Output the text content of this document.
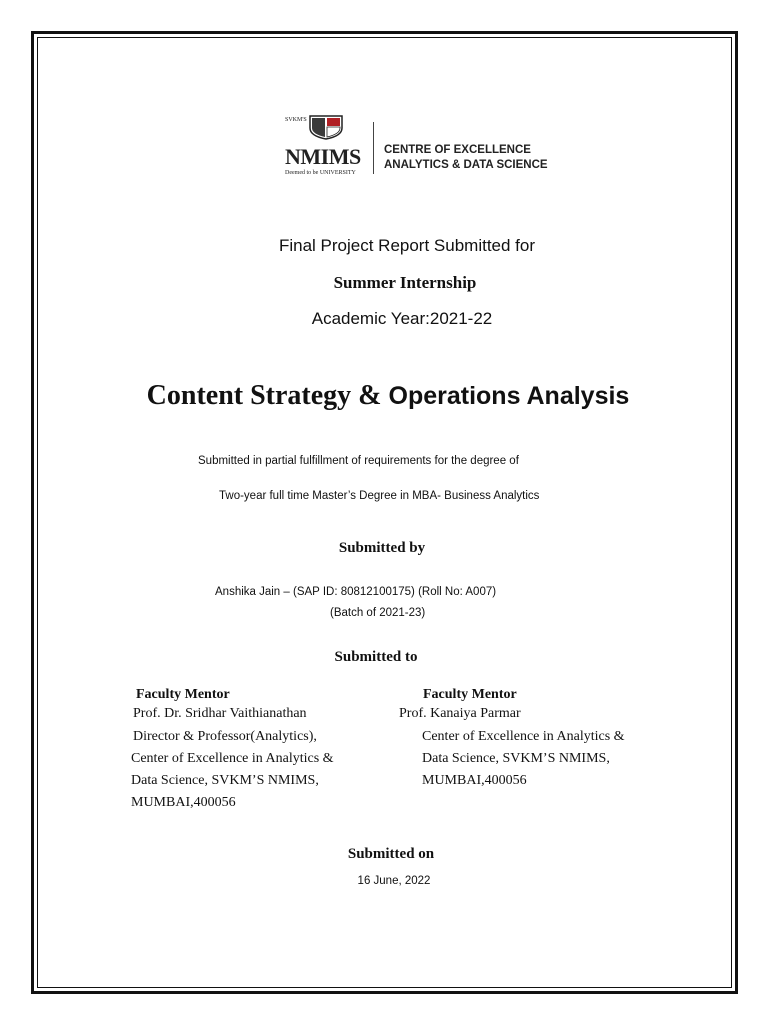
SVKM'S
NMIMS
Deemed to be UNIVERSITY
CENTRE OF EXCELLENCE
ANALYTICS & DATA SCIENCE
Final Project Report Submitted for
Summer Internship
Academic Year:2021-22
Content Strategy & Operations Analysis
Submitted in partial fulfillment of requirements for the degree of
Two-year full time Master’s Degree in MBA- Business Analytics
Submitted by
Anshika Jain – (SAP ID: 80812100175) (Roll No: A007)
(Batch of 2021-23)
Submitted to
Faculty Mentor
Prof. Dr. Sridhar Vaithianathan
Director & Professor(Analytics),
Center of Excellence in Analytics &
Data Science, SVKM’S NMIMS,
MUMBAI,400056
Faculty Mentor
Prof. Kanaiya Parmar
Center of Excellence in Analytics &
Data Science, SVKM’S NMIMS,
MUMBAI,400056
Submitted on
16 June, 2022
